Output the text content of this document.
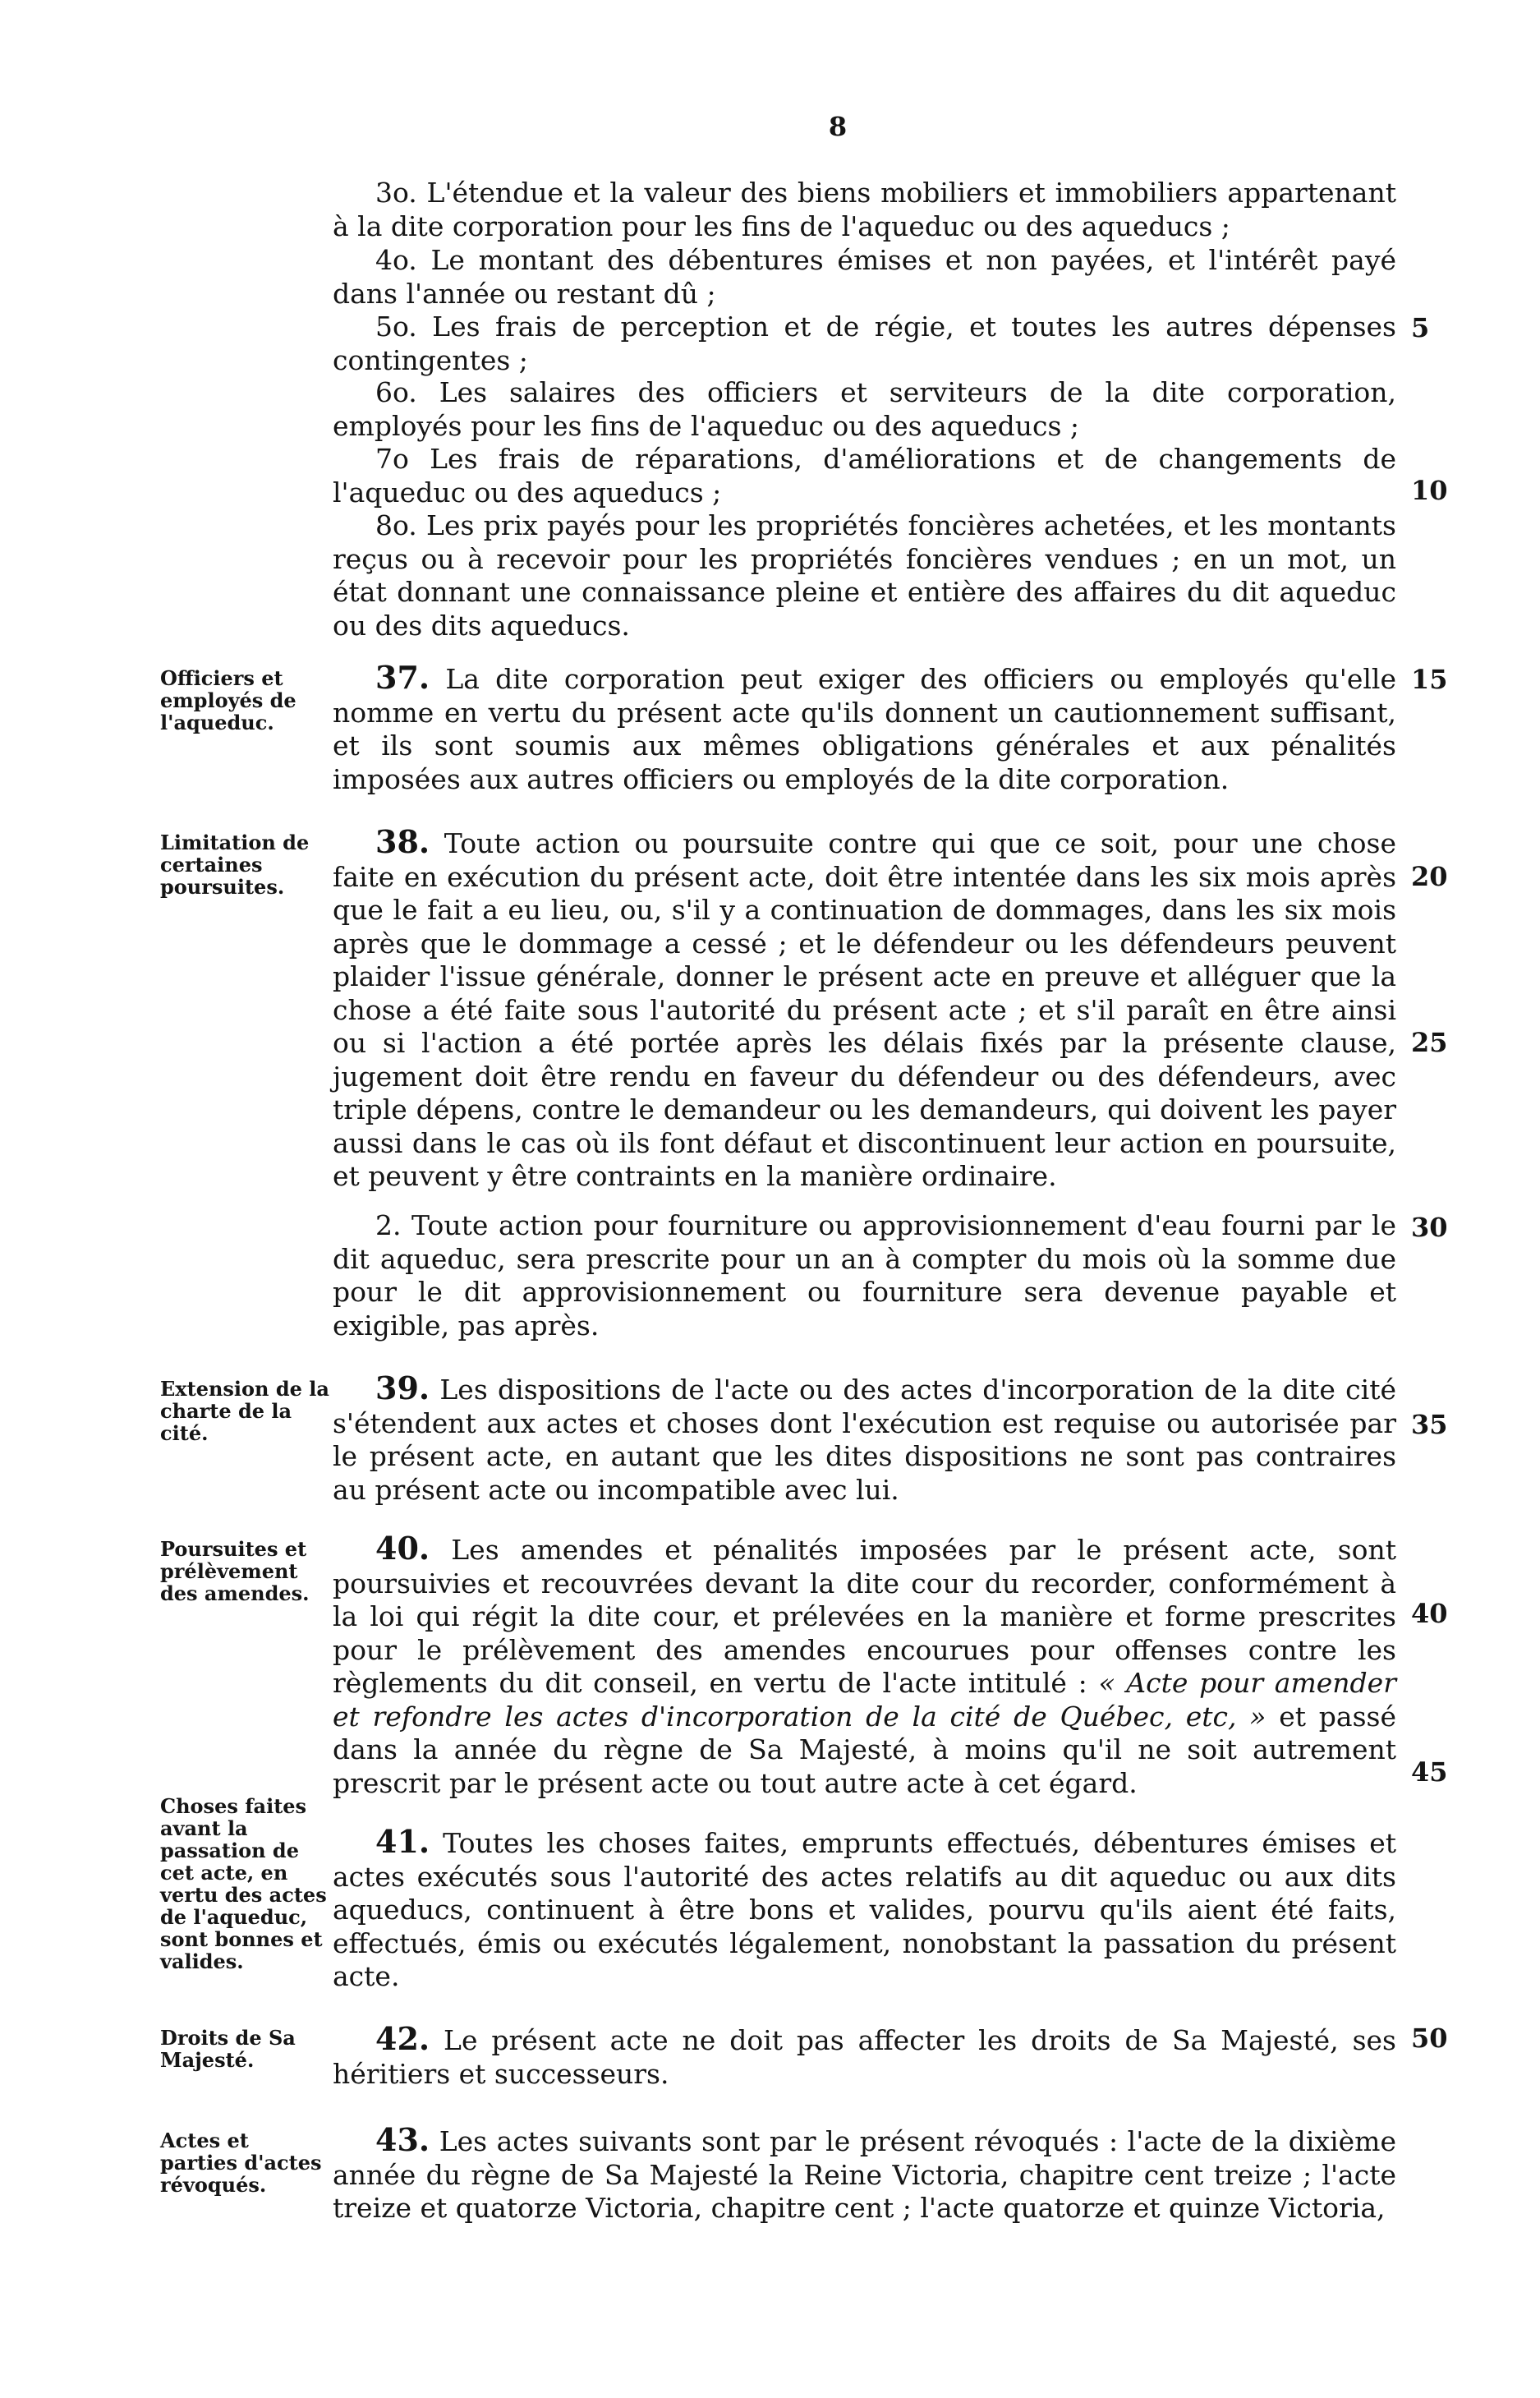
8

3o. L'étendue et la valeur des biens mobiliers et immobiliers appartenant à la dite corporation pour les fins de l'aqueduc ou des aqueducs ;

4o. Le montant des débentures émises et non payées, et l'intérêt payé dans l'année ou restant dû ;

5o. Les frais de perception et de régie, et toutes les autres dépenses contingentes ;

6o. Les salaires des officiers et serviteurs de la dite corporation, employés pour les fins de l'aqueduc ou des aqueducs ;

7o Les frais de réparations, d'améliorations et de changements de l'aqueduc ou des aqueducs ;

8o. Les prix payés pour les propriétés foncières achetées, et les montants reçus ou à recevoir pour les propriétés foncières vendues ; en un mot, un état donnant une connaissance pleine et entière des affaires du dit aqueduc ou des dits aqueducs.

Officiers et employés de l'aqueduc.

37. La dite corporation peut exiger des officiers ou employés qu'elle nomme en vertu du présent acte qu'ils donnent un cautionnement suffisant, et ils sont soumis aux mêmes obligations générales et aux pénalités imposées aux autres officiers ou employés de la dite corporation.

Limitation de certaines poursuites.

38. Toute action ou poursuite contre qui que ce soit, pour une chose faite en exécution du présent acte, doit être intentée dans les six mois après que le fait a eu lieu, ou, s'il y a continuation de dommages, dans les six mois après que le dommage a cessé ; et le défendeur ou les défendeurs peuvent plaider l'issue générale, donner le présent acte en preuve et alléguer que la chose a été faite sous l'autorité du présent acte ; et s'il paraît en être ainsi ou si l'action a été portée après les délais fixés par la présente clause, jugement doit être rendu en faveur du défendeur ou des défendeurs, avec triple dépens, contre le demandeur ou les demandeurs, qui doivent les payer aussi dans le cas où ils font défaut et discontinuent leur action en poursuite, et peuvent y être contraints en la manière ordinaire.

2. Toute action pour fourniture ou approvisionnement d'eau fourni par le dit aqueduc, sera prescrite pour un an à compter du mois où la somme due pour le dit approvisionnement ou fourniture sera devenue payable et exigible, pas après.

Extension de la charte de la cité.

39. Les dispositions de l'acte ou des actes d'incorporation de la dite cité s'étendent aux actes et choses dont l'exécution est requise ou autorisée par le présent acte, en autant que les dites dispositions ne sont pas contraires au présent acte ou incompatible avec lui.

Poursuites et prélèvement des amendes.

40. Les amendes et pénalités imposées par le présent acte, sont poursuivies et recouvrées devant la dite cour du recorder, conformément à la loi qui régit la dite cour, et prélevées en la manière et forme prescrites pour le prélèvement des amendes encourues pour offenses contre les règlements du dit conseil, en vertu de l'acte intitulé : « Acte pour amender et refondre les actes d'incorporation de la cité de Québec, etc, » et passé dans la année du règne de Sa Majesté, à moins qu'il ne soit autrement prescrit par le présent acte ou tout autre acte à cet égard.

Choses faites avant la passation de cet acte, en vertu des actes de l'aqueduc, sont bonnes et valides.

41. Toutes les choses faites, emprunts effectués, débentures émises et actes exécutés sous l'autorité des actes relatifs au dit aqueduc ou aux dits aqueducs, continuent à être bons et valides, pourvu qu'ils aient été faits, effectués, émis ou exécutés légalement, nonobstant la passation du présent acte.

Droits de Sa Majesté.

42. Le présent acte ne doit pas affecter les droits de Sa Majesté, ses héritiers et successeurs.

Actes et parties d'actes révoqués.

43. Les actes suivants sont par le présent révoqués : l'acte de la dixième année du règne de Sa Majesté la Reine Victoria, chapitre cent treize ; l'acte treize et quatorze Victoria, chapitre cent ; l'acte quatorze et quinze Victoria,

5
10
15
20
25
30
35
40
45
50
